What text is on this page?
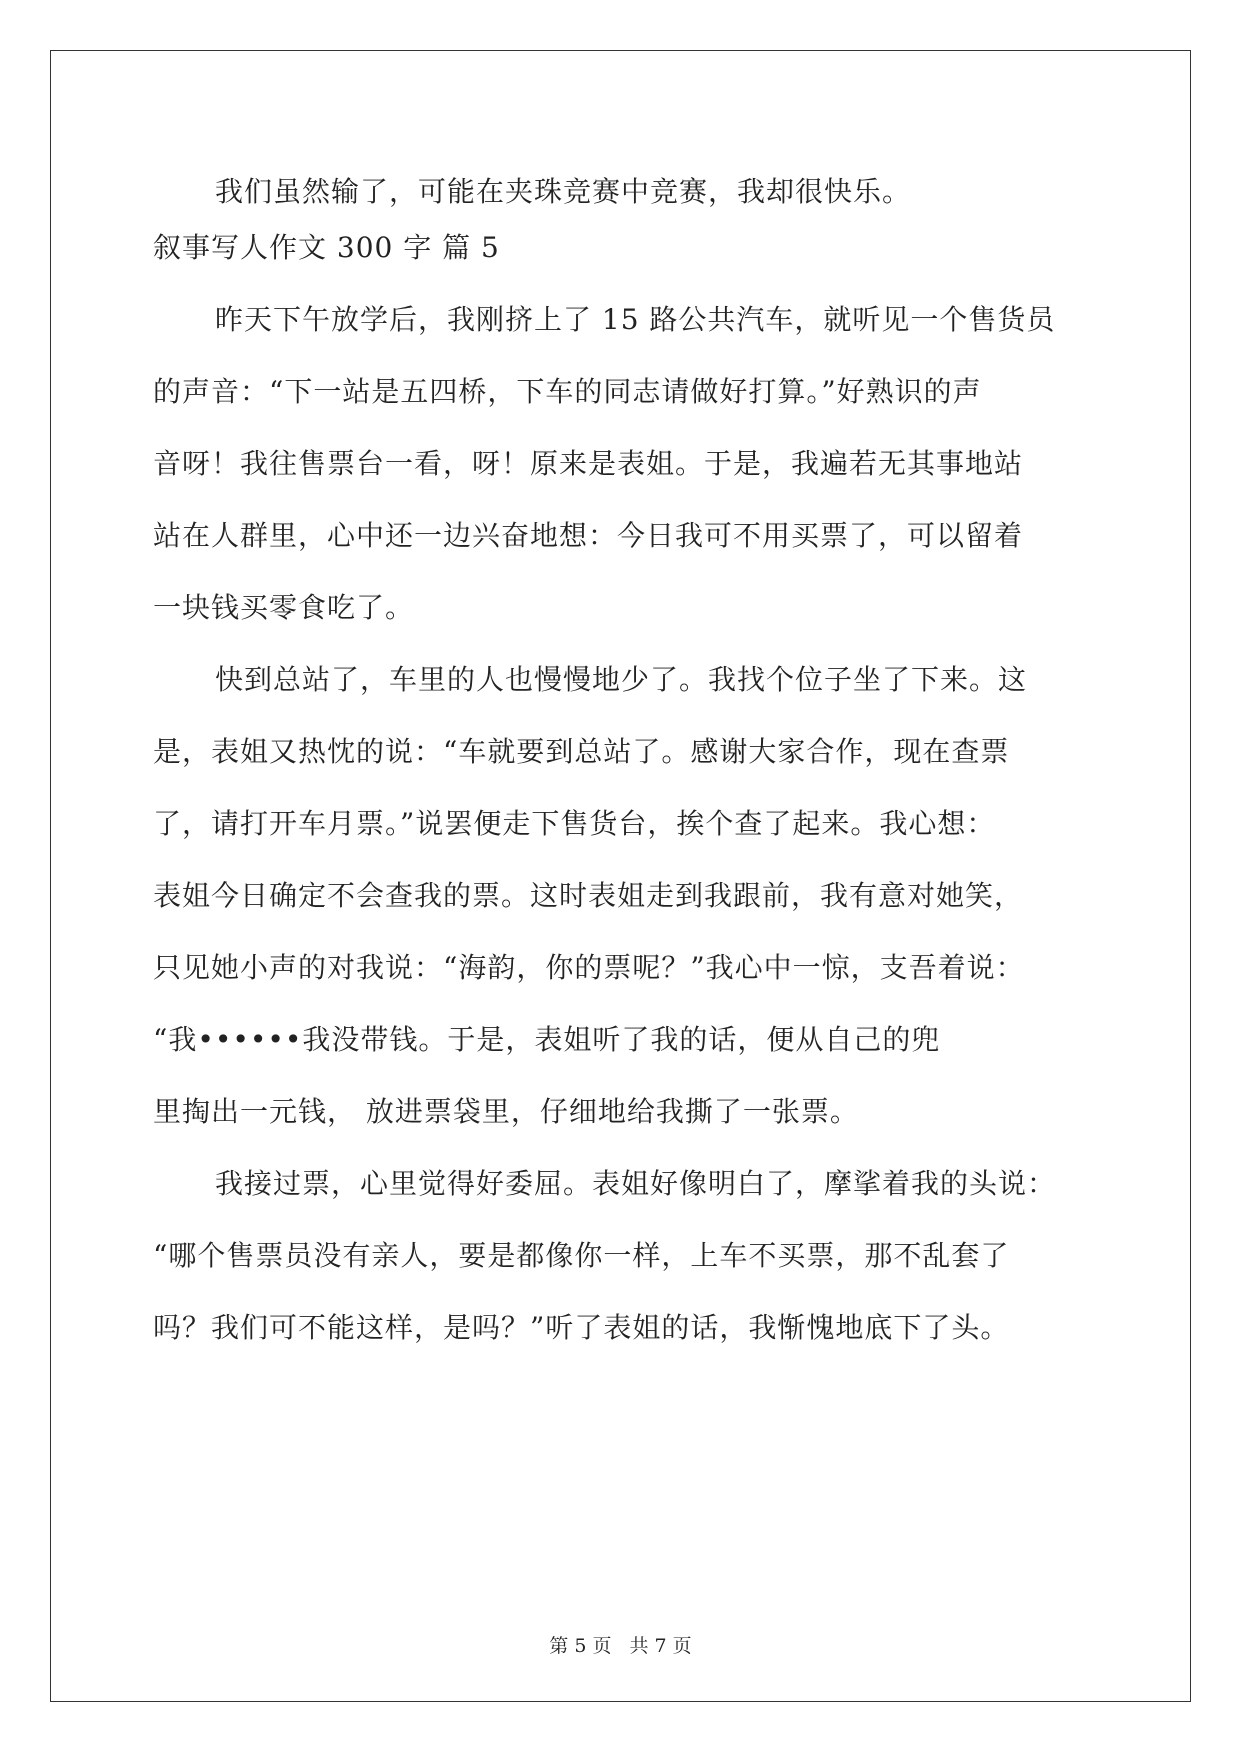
我们虽然输了，可能在夹珠竞赛中竞赛，我却很快乐。
叙事写人作文 300 字 篇 5
昨天下午放学后，我刚挤上了 15 路公共汽车，就听见一个售货员
的声音：“下一站是五四桥，下车的同志请做好打算。”好熟识的声
音呀！我往售票台一看，呀！原来是表姐。于是，我遍若无其事地站
站在人群里，心中还一边兴奋地想：今日我可不用买票了，可以留着
一块钱买零食吃了。
快到总站了，车里的人也慢慢地少了。我找个位子坐了下来。这
是，表姐又热忱的说：“车就要到总站了。感谢大家合作，现在查票
了，请打开车月票。”说罢便走下售货台，挨个查了起来。我心想：
表姐今日确定不会查我的票。这时表姐走到我跟前，我有意对她笑，
只见她小声的对我说：“海韵，你的票呢？”我心中一惊，支吾着说：
“我••••••我没带钱。于是，表姐听了我的话，便从自己的兜
里掏出一元钱， 放进票袋里，仔细地给我撕了一张票。
我接过票，心里觉得好委屈。表姐好像明白了，摩挲着我的头说：
“哪个售票员没有亲人，要是都像你一样，上车不买票，那不乱套了
吗？我们可不能这样，是吗？”听了表姐的话，我惭愧地底下了头。
第 5 页 共 7 页
